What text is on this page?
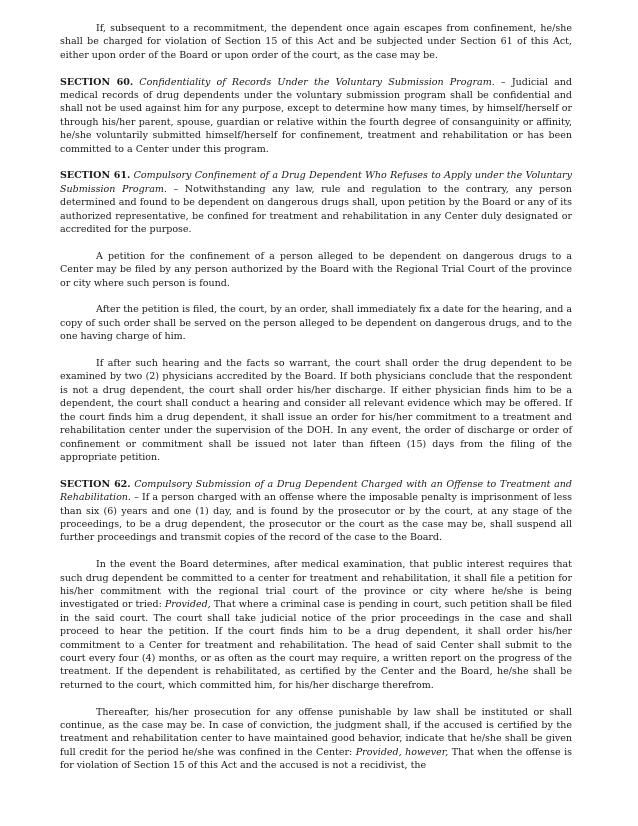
If, subsequent to a recommitment, the dependent once again escapes from confinement, he/she shall be charged for violation of Section 15 of this Act and be subjected under Section 61 of this Act, either upon order of the Board or upon order of the court, as the case may be.

SECTION 60. Confidentiality of Records Under the Voluntary Submission Program. – Judicial and medical records of drug dependents under the voluntary submission program shall be confidential and shall not be used against him for any purpose, except to determine how many times, by himself/herself or through his/her parent, spouse, guardian or relative within the fourth degree of consanguinity or affinity, he/she voluntarily submitted himself/herself for confinement, treatment and rehabilitation or has been committed to a Center under this program.

SECTION 61. Compulsory Confinement of a Drug Dependent Who Refuses to Apply under the Voluntary Submission Program. – Notwithstanding any law, rule and regulation to the contrary, any person determined and found to be dependent on dangerous drugs shall, upon petition by the Board or any of its authorized representative, be confined for treatment and rehabilitation in any Center duly designated or accredited for the purpose.

A petition for the confinement of a person alleged to be dependent on dangerous drugs to a Center may be filed by any person authorized by the Board with the Regional Trial Court of the province or city where such person is found.

After the petition is filed, the court, by an order, shall immediately fix a date for the hearing, and a copy of such order shall be served on the person alleged to be dependent on dangerous drugs, and to the one having charge of him.

If after such hearing and the facts so warrant, the court shall order the drug dependent to be examined by two (2) physicians accredited by the Board. If both physicians conclude that the respondent is not a drug dependent, the court shall order his/her discharge. If either physician finds him to be a dependent, the court shall conduct a hearing and consider all relevant evidence which may be offered. If the court finds him a drug dependent, it shall issue an order for his/her commitment to a treatment and rehabilitation center under the supervision of the DOH. In any event, the order of discharge or order of confinement or commitment shall be issued not later than fifteen (15) days from the filing of the appropriate petition.

SECTION 62. Compulsory Submission of a Drug Dependent Charged with an Offense to Treatment and Rehabilitation. – If a person charged with an offense where the imposable penalty is imprisonment of less than six (6) years and one (1) day, and is found by the prosecutor or by the court, at any stage of the proceedings, to be a drug dependent, the prosecutor or the court as the case may be, shall suspend all further proceedings and transmit copies of the record of the case to the Board.

In the event the Board determines, after medical examination, that public interest requires that such drug dependent be committed to a center for treatment and rehabilitation, it shall file a petition for his/her commitment with the regional trial court of the province or city where he/she is being investigated or tried: Provided, That where a criminal case is pending in court, such petition shall be filed in the said court. The court shall take judicial notice of the prior proceedings in the case and shall proceed to hear the petition. If the court finds him to be a drug dependent, it shall order his/her commitment to a Center for treatment and rehabilitation. The head of said Center shall submit to the court every four (4) months, or as often as the court may require, a written report on the progress of the treatment. If the dependent is rehabilitated, as certified by the Center and the Board, he/she shall be returned to the court, which committed him, for his/her discharge therefrom.

Thereafter, his/her prosecution for any offense punishable by law shall be instituted or shall continue, as the case may be. In case of conviction, the judgment shall, if the accused is certified by the treatment and rehabilitation center to have maintained good behavior, indicate that he/she shall be given full credit for the period he/she was confined in the Center: Provided, however, That when the offense is for violation of Section 15 of this Act and the accused is not a recidivist, the
